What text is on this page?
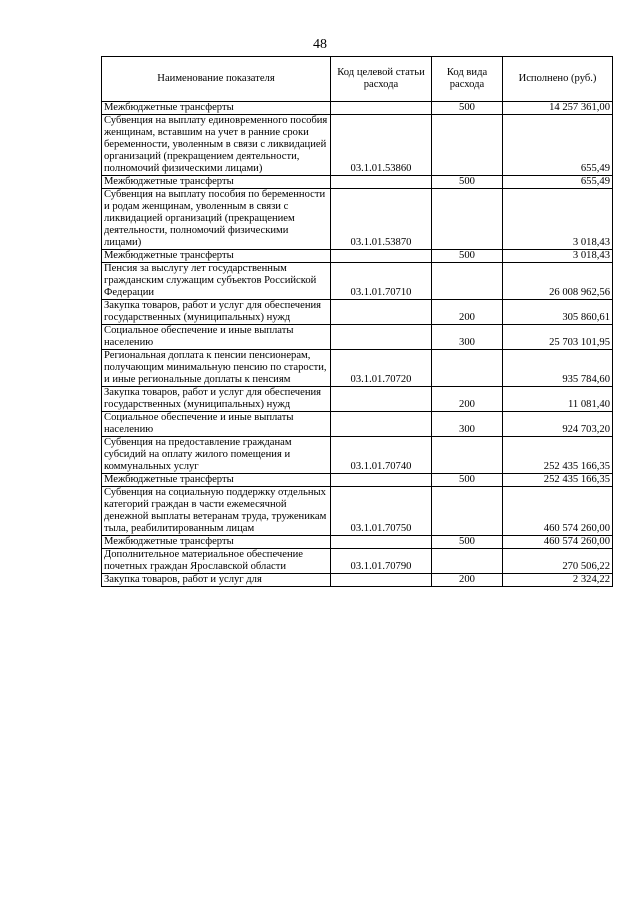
48
Наименование показателя	Код целевой статьи расхода	Код вида расхода	Исполнено (руб.)
Межбюджетные трансферты		500	14 257 361,00
Субвенция на выплату единовременного пособия женщинам, вставшим на учет в ранние сроки беременности, уволенным в связи с ликвидацией организаций (прекращением деятельности, полномочий физическими лицами)	03.1.01.53860		655,49
Межбюджетные трансферты		500	655,49
Субвенция на выплату пособия по беременности и родам женщинам, уволенным в связи с ликвидацией организаций (прекращением деятельности, полномочий физическими лицами)	03.1.01.53870		3 018,43
Межбюджетные трансферты		500	3 018,43
Пенсия за выслугу лет государственным гражданским служащим субъектов Российской Федерации	03.1.01.70710		26 008 962,56
Закупка товаров, работ и услуг для обеспечения государственных (муниципальных) нужд		200	305 860,61
Социальное обеспечение и иные выплаты населению		300	25 703 101,95
Региональная доплата к пенсии пенсионерам, получающим минимальную пенсию по старости, и иные региональные доплаты к пенсиям	03.1.01.70720		935 784,60
Закупка товаров, работ и услуг для обеспечения государственных (муниципальных) нужд		200	11 081,40
Социальное обеспечение и иные выплаты населению		300	924 703,20
Субвенция на предоставление гражданам субсидий на оплату жилого помещения и коммунальных услуг	03.1.01.70740		252 435 166,35
Межбюджетные трансферты		500	252 435 166,35
Субвенция на социальную поддержку отдельных категорий граждан в части ежемесячной денежной выплаты ветеранам труда, труженикам тыла, реабилитированным лицам	03.1.01.70750		460 574 260,00
Межбюджетные трансферты		500	460 574 260,00
Дополнительное материальное обеспечение почетных граждан Ярославской области	03.1.01.70790		270 506,22
Закупка товаров, работ и услуг для		200	2 324,22
